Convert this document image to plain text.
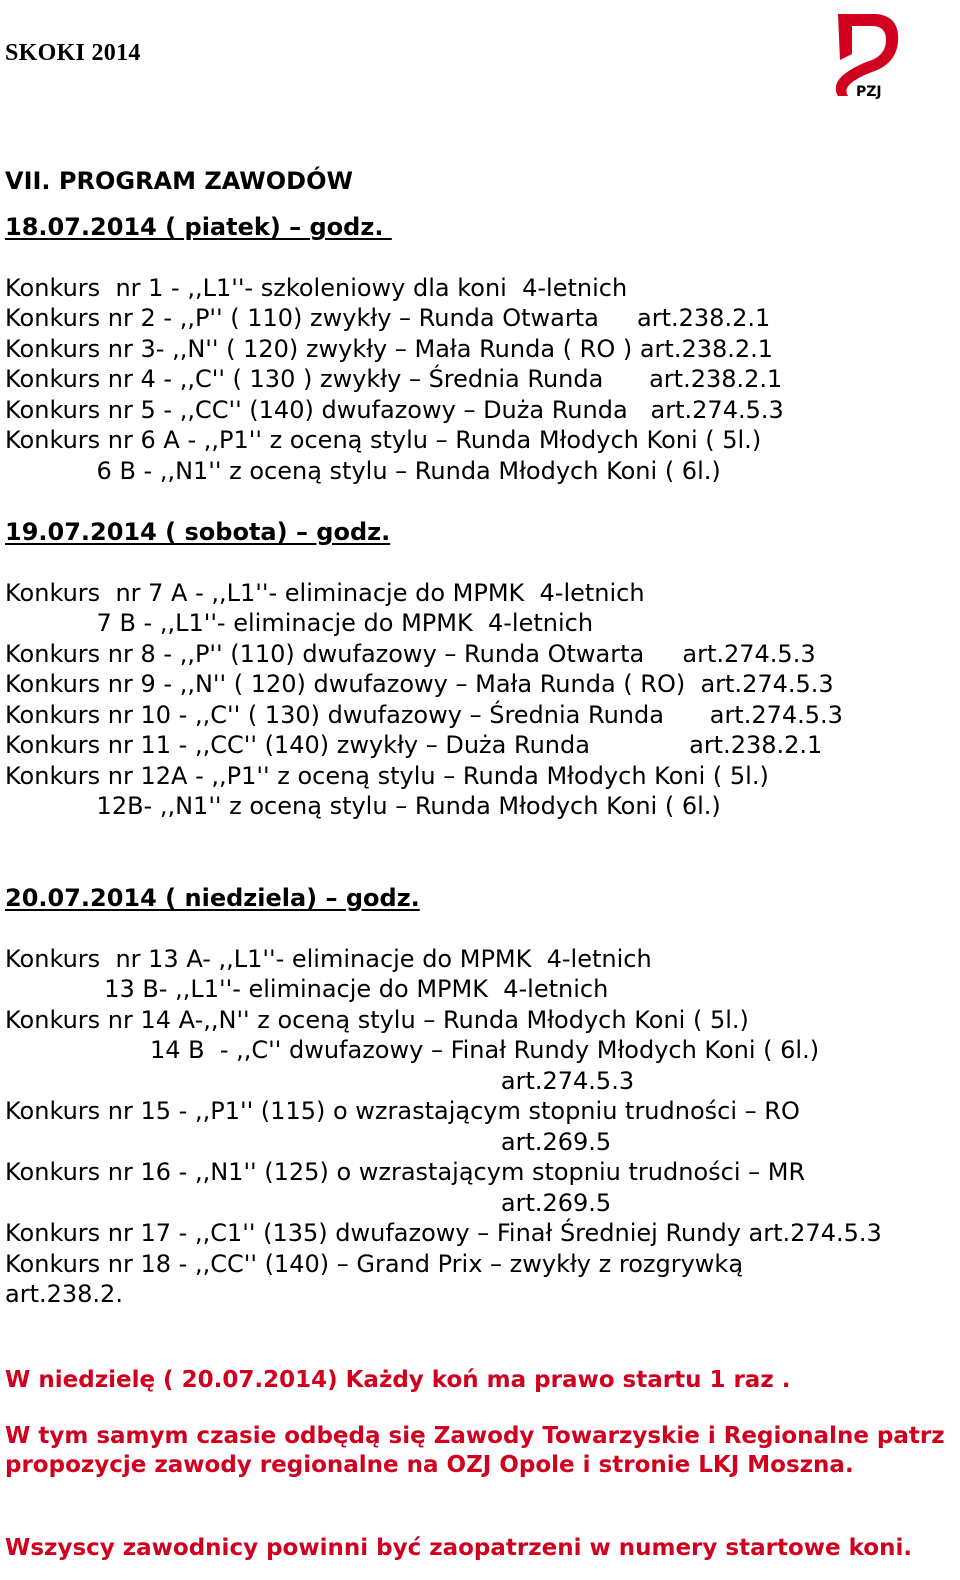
SKOKI 2014
PZJ
VII. PROGRAM ZAWODÓW
18.07.2014 ( piatek) – godz.
Konkurs  nr 1 - ,,L1''- szkoleniowy dla koni  4-letnich
Konkurs nr 2 - ,,P'' ( 110) zwykły – Runda Otwarta     art.238.2.1
Konkurs nr 3- ,,N'' ( 120) zwykły – Mała Runda ( RO ) art.238.2.1
Konkurs nr 4 - ,,C'' ( 130 ) zwykły – Średnia Runda      art.238.2.1
Konkurs nr 5 - ,,CC'' (140) dwufazowy – Duża Runda   art.274.5.3
Konkurs nr 6 A - ,,P1'' z oceną stylu – Runda Młodych Koni ( 5l.)
6 B - ,,N1'' z oceną stylu – Runda Młodych Koni ( 6l.)
19.07.2014 ( sobota) – godz.
Konkurs  nr 7 A - ,,L1''- eliminacje do MPMK  4-letnich
7 B - ,,L1''- eliminacje do MPMK  4-letnich
Konkurs nr 8 - ,,P'' (110) dwufazowy – Runda Otwarta     art.274.5.3
Konkurs nr 9 - ,,N'' ( 120) dwufazowy – Mała Runda ( RO)  art.274.5.3
Konkurs nr 10 - ,,C'' ( 130) dwufazowy – Średnia Runda      art.274.5.3
Konkurs nr 11 - ,,CC'' (140) zwykły – Duża Runda             art.238.2.1
Konkurs nr 12A - ,,P1'' z oceną stylu – Runda Młodych Koni ( 5l.)
12B- ,,N1'' z oceną stylu – Runda Młodych Koni ( 6l.)
20.07.2014 ( niedziela) – godz.
Konkurs  nr 13 A- ,,L1''- eliminacje do MPMK  4-letnich
13 B- ,,L1''- eliminacje do MPMK  4-letnich
Konkurs nr 14 A-,,N'' z oceną stylu – Runda Młodych Koni ( 5l.)
14 B  - ,,C'' dwufazowy – Finał Rundy Młodych Koni ( 6l.)
art.274.5.3
Konkurs nr 15 - ,,P1'' (115) o wzrastającym stopniu trudności – RO
art.269.5
Konkurs nr 16 - ,,N1'' (125) o wzrastającym stopniu trudności – MR
art.269.5
Konkurs nr 17 - ,,C1'' (135) dwufazowy – Finał Średniej Rundy art.274.5.3
Konkurs nr 18 - ,,CC'' (140) – Grand Prix – zwykły z rozgrywką
art.238.2.
W niedzielę ( 20.07.2014) Każdy koń ma prawo startu 1 raz .
W tym samym czasie odbędą się Zawody Towarzyskie i Regionalne patrz
propozycje zawody regionalne na OZJ Opole i stronie LKJ Moszna.
Wszyscy zawodnicy powinni być zaopatrzeni w numery startowe koni.
